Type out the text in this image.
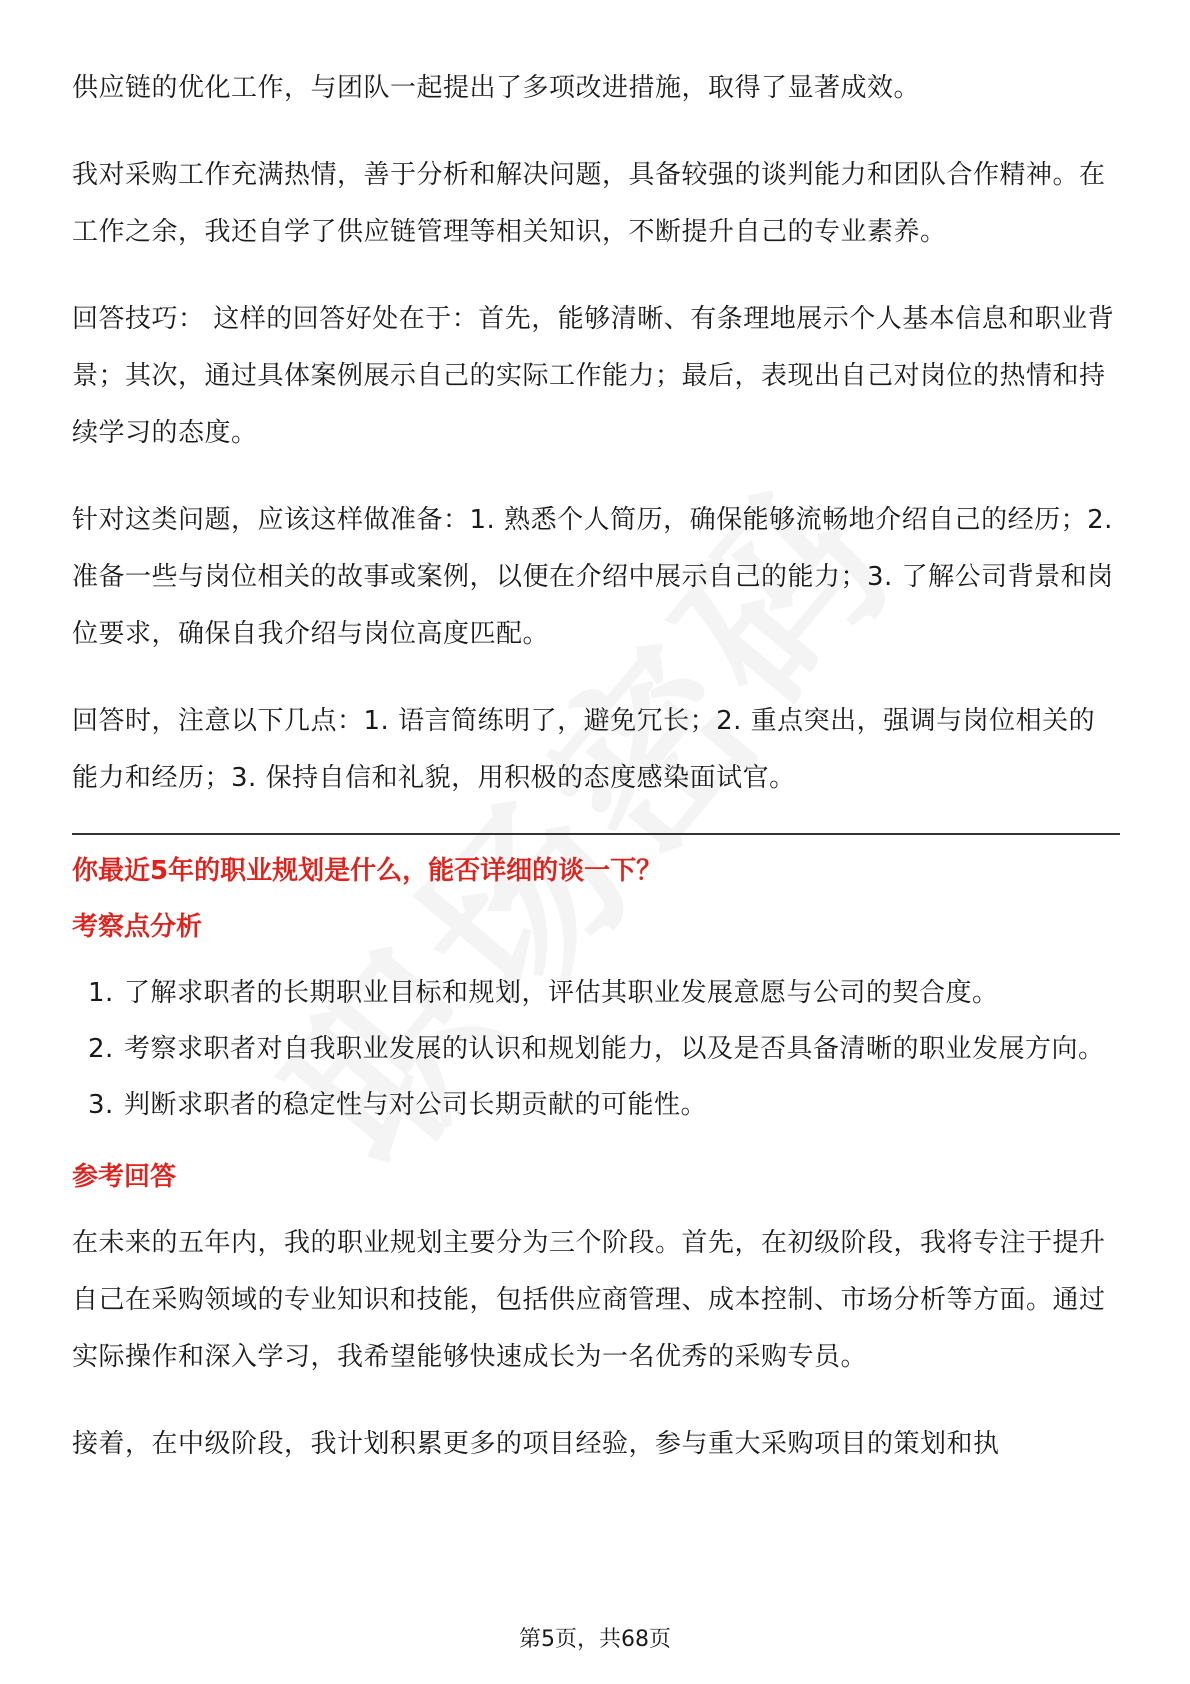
供应链的优化工作，与团队一起提出了多项改进措施，取得了显著成效。

我对采购工作充满热情，善于分析和解决问题，具备较强的谈判能力和团队合作精神。在工作之余，我还自学了供应链管理等相关知识，不断提升自己的专业素养。

回答技巧： 这样的回答好处在于：首先，能够清晰、有条理地展示个人基本信息和职业背景；其次，通过具体案例展示自己的实际工作能力；最后，表现出自己对岗位的热情和持续学习的态度。

针对这类问题，应该这样做准备：1. 熟悉个人简历，确保能够流畅地介绍自己的经历；2. 准备一些与岗位相关的故事或案例，以便在介绍中展示自己的能力；3. 了解公司背景和岗位要求，确保自我介绍与岗位高度匹配。

回答时，注意以下几点：1. 语言简练明了，避免冗长；2. 重点突出，强调与岗位相关的能力和经历；3. 保持自信和礼貌，用积极的态度感染面试官。

你最近5年的职业规划是什么，能否详细的谈一下？
考察点分析
1. 了解求职者的长期职业目标和规划，评估其职业发展意愿与公司的契合度。
2. 考察求职者对自我职业发展的认识和规划能力，以及是否具备清晰的职业发展方向。
3. 判断求职者的稳定性与对公司长期贡献的可能性。
参考回答

在未来的五年内，我的职业规划主要分为三个阶段。首先，在初级阶段，我将专注于提升自己在采购领域的专业知识和技能，包括供应商管理、成本控制、市场分析等方面。通过实际操作和深入学习，我希望能够快速成长为一名优秀的采购专员。

接着，在中级阶段，我计划积累更多的项目经验，参与重大采购项目的策划和执

第5页，共68页
